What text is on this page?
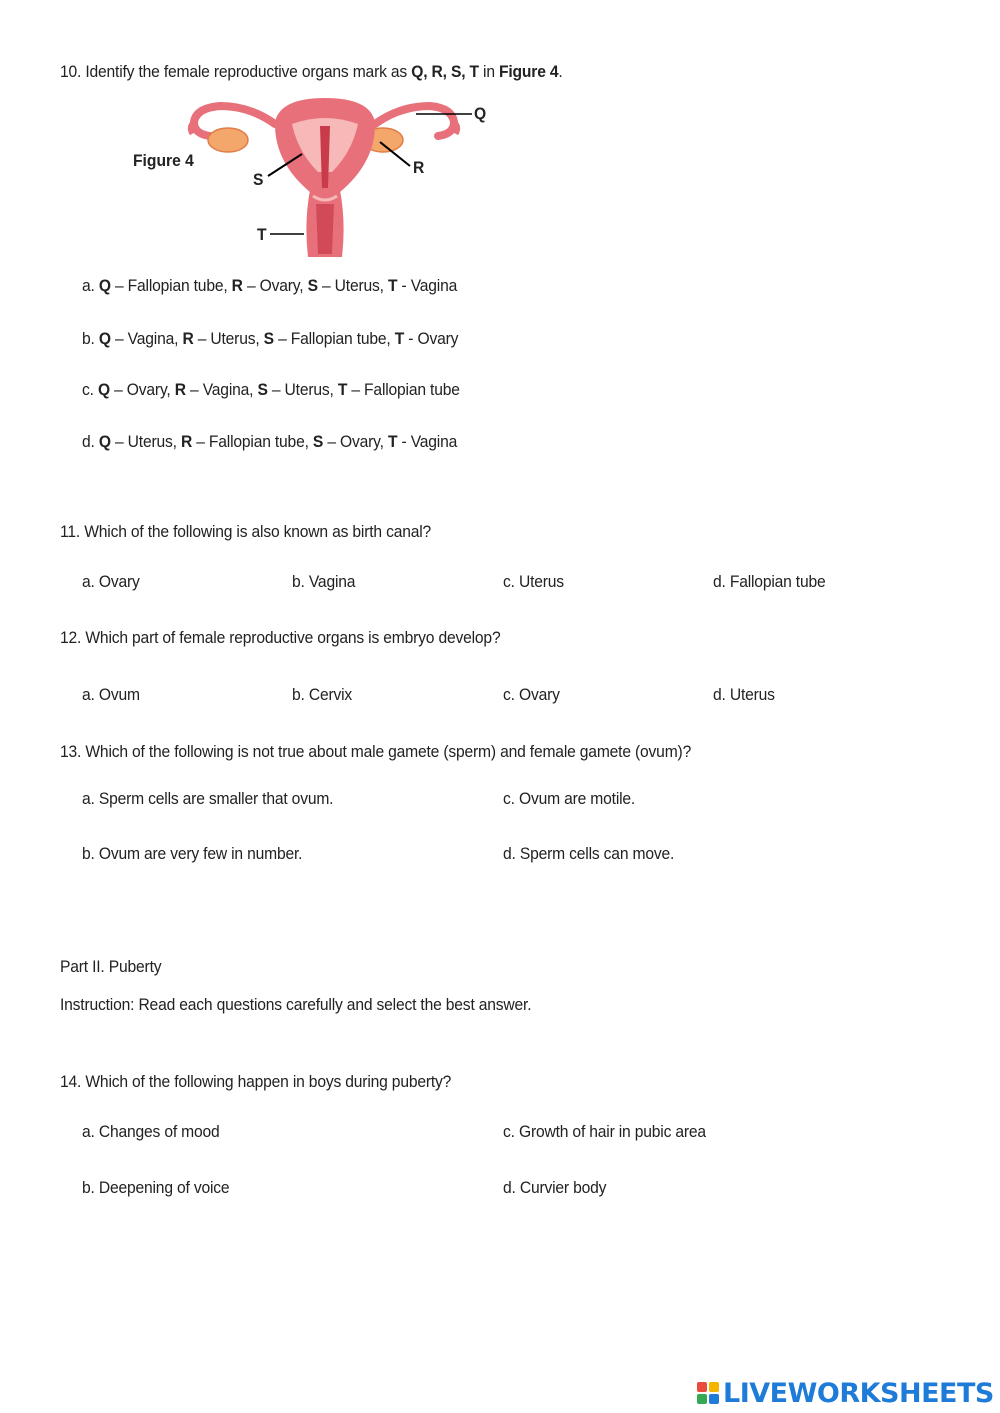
10. Identify the female reproductive organs mark as Q, R, S, T in Figure 4.
Figure 4
Q
R
S
T
a. Q – Fallopian tube, R – Ovary, S – Uterus, T - Vagina
b. Q – Vagina, R – Uterus, S – Fallopian tube, T - Ovary
c. Q – Ovary, R – Vagina, S – Uterus, T – Fallopian tube
d. Q – Uterus, R – Fallopian tube, S – Ovary, T - Vagina
11. Which of the following is also known as birth canal?
a. Ovary	b. Vagina	c. Uterus	d. Fallopian tube
12. Which part of female reproductive organs is embryo develop?
a. Ovum	b. Cervix	c. Ovary	d. Uterus
13. Which of the following is not true about male gamete (sperm) and female gamete (ovum)?
a. Sperm cells are smaller that ovum.	c. Ovum are motile.
b. Ovum are very few in number.	d. Sperm cells can move.
Part II. Puberty
Instruction: Read each questions carefully and select the best answer.
14. Which of the following happen in boys during puberty?
a. Changes of mood	c. Growth of hair in pubic area
b. Deepening of voice	d. Curvier body
LIVEWORKSHEETS
